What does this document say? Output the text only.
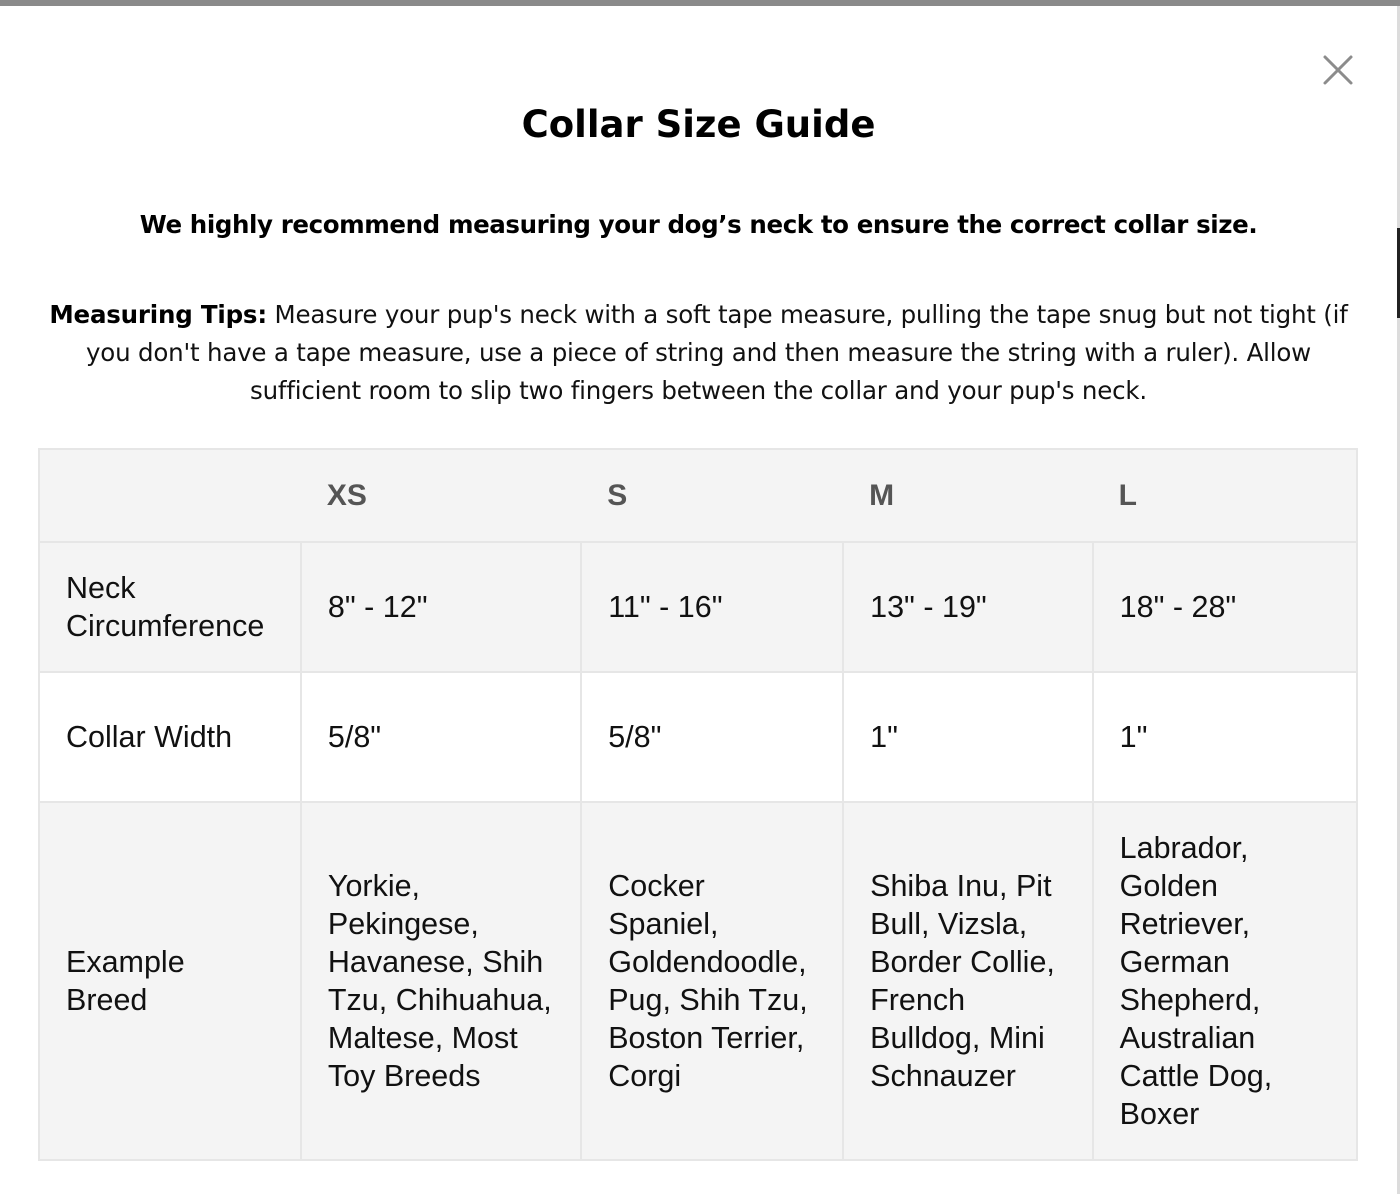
Collar Size Guide

We highly recommend measuring your dog’s neck to ensure the correct collar size.

Measuring Tips: Measure your pup's neck with a soft tape measure, pulling the tape snug but not tight (if you don't have a tape measure, use a piece of string and then measure the string with a ruler). Allow sufficient room to slip two fingers between the collar and your pup's neck.

	XS	S	M	L
Neck Circumference	8" - 12"	11" - 16"	13" - 19"	18" - 28"
Collar Width	5/8"	5/8"	1"	1"
Example Breed	Yorkie, Pekingese, Havanese, Shih Tzu, Chihuahua, Maltese, Most Toy Breeds	Cocker Spaniel, Goldendoodle, Pug, Shih Tzu, Boston Terrier, Corgi	Shiba Inu, Pit Bull, Vizsla, Border Collie, French Bulldog, Mini Schnauzer	Labrador, Golden Retriever, German Shepherd, Australian Cattle Dog, Boxer
